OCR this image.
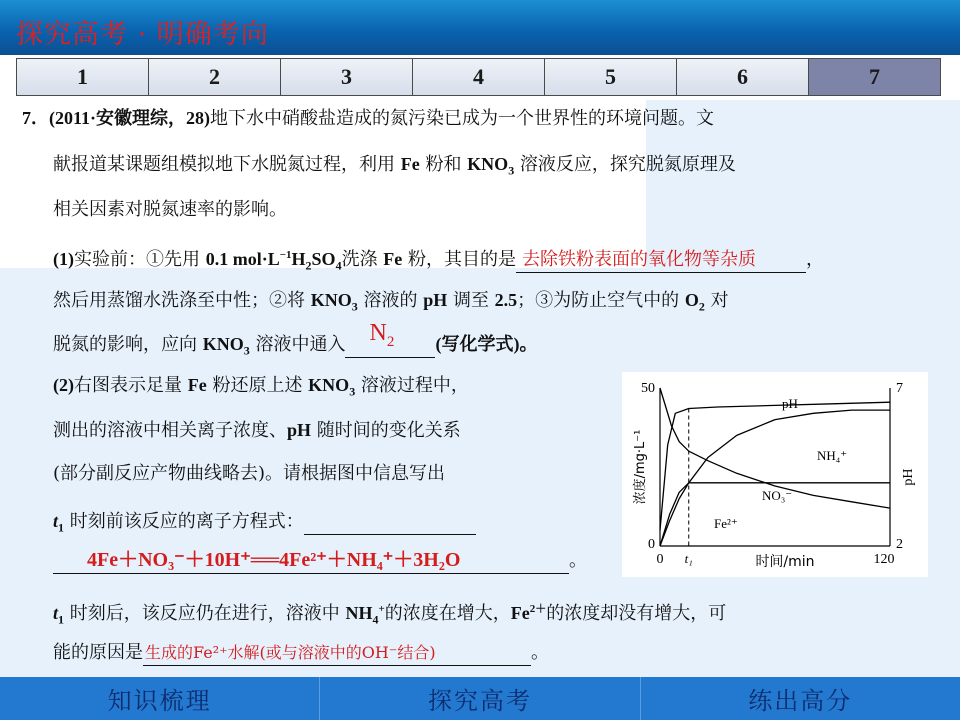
探究高考 · 明确考向
1	2	3	4	5	6	7
7．(2011·安徽理综，28)地下水中硝酸盐造成的氮污染已成为一个世界性的环境问题。文
献报道某课题组模拟地下水脱氮过程，利用 Fe 粉和 $KNO_3$ 溶液反应，探究脱氮原理及
相关因素对脱氮速率的影响。
(1)实验前：①先用 0.1 $mol\cdot L^{-1}H_2SO_4$洗涤 Fe 粉，其目的是 去除铁粉表面的氧化物等杂质	，
然后用蒸馏水洗涤至中性；②将 $KNO_3$ 溶液的 pH 调至 2.5；③为防止空气中的 $O_2$ 对
脱氮的影响，应向 $KNO_3$ 溶液中通入 $N_2$ (写化学式)。
(2)右图表示足量 Fe 粉还原上述 $KNO_3$ 溶液过程中，
测出的溶液中相关离子浓度、pH 随时间的变化关系
(部分副反应产物曲线略去)。请根据图中信息写出
$t_1$ 时刻前该反应的离子方程式：
4Fe＋NO₃⁻＋10H⁺══4Fe²⁺＋NH₄⁺＋3H₂O	。
$t_1$ 时刻后，该反应仍在进行，溶液中 $NH_4^+$的浓度在增大，$Fe^{2+}$的浓度却没有增大，可
能的原因是 生成的Fe²⁺水解(或与溶液中的OH⁻结合)	。
50
0
7
2
0 t₁	120
时间/min
浓度/mg·L⁻¹	pH
pH
NH₄⁺
NO₃⁻
Fe²⁺
知识梳理	探究高考	练出高分
